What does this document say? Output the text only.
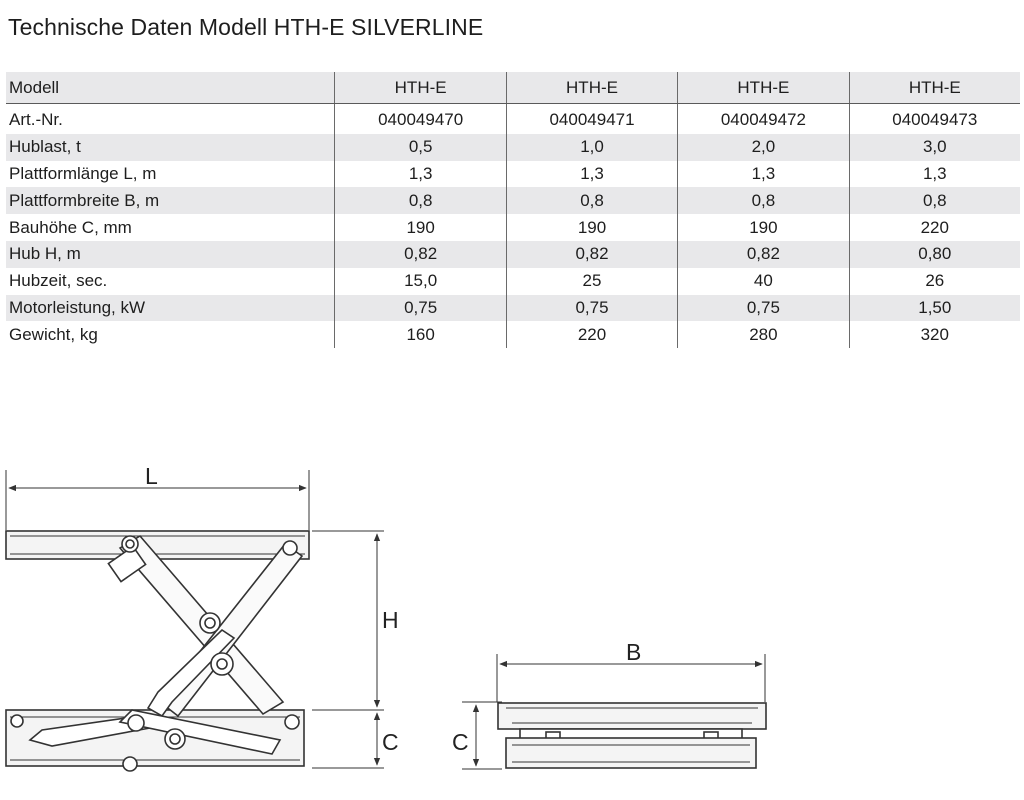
Technische Daten Modell HTH-E SILVERLINE
Modell	HTH-E	HTH-E	HTH-E	HTH-E
Art.-Nr.	040049470	040049471	040049472	040049473
Hublast, t	0,5	1,0	2,0	3,0
Plattformlänge L, m	1,3	1,3	1,3	1,3
Plattformbreite B, m	0,8	0,8	0,8	0,8
Bauhöhe C, mm	190	190	190	220
Hub H, m	0,82	0,82	0,82	0,80
Hubzeit, sec.	15,0	25	40	26
Motorleistung, kW	0,75	0,75	0,75	1,50
Gewicht, kg	160	220	280	320
L
H
C
B
C
